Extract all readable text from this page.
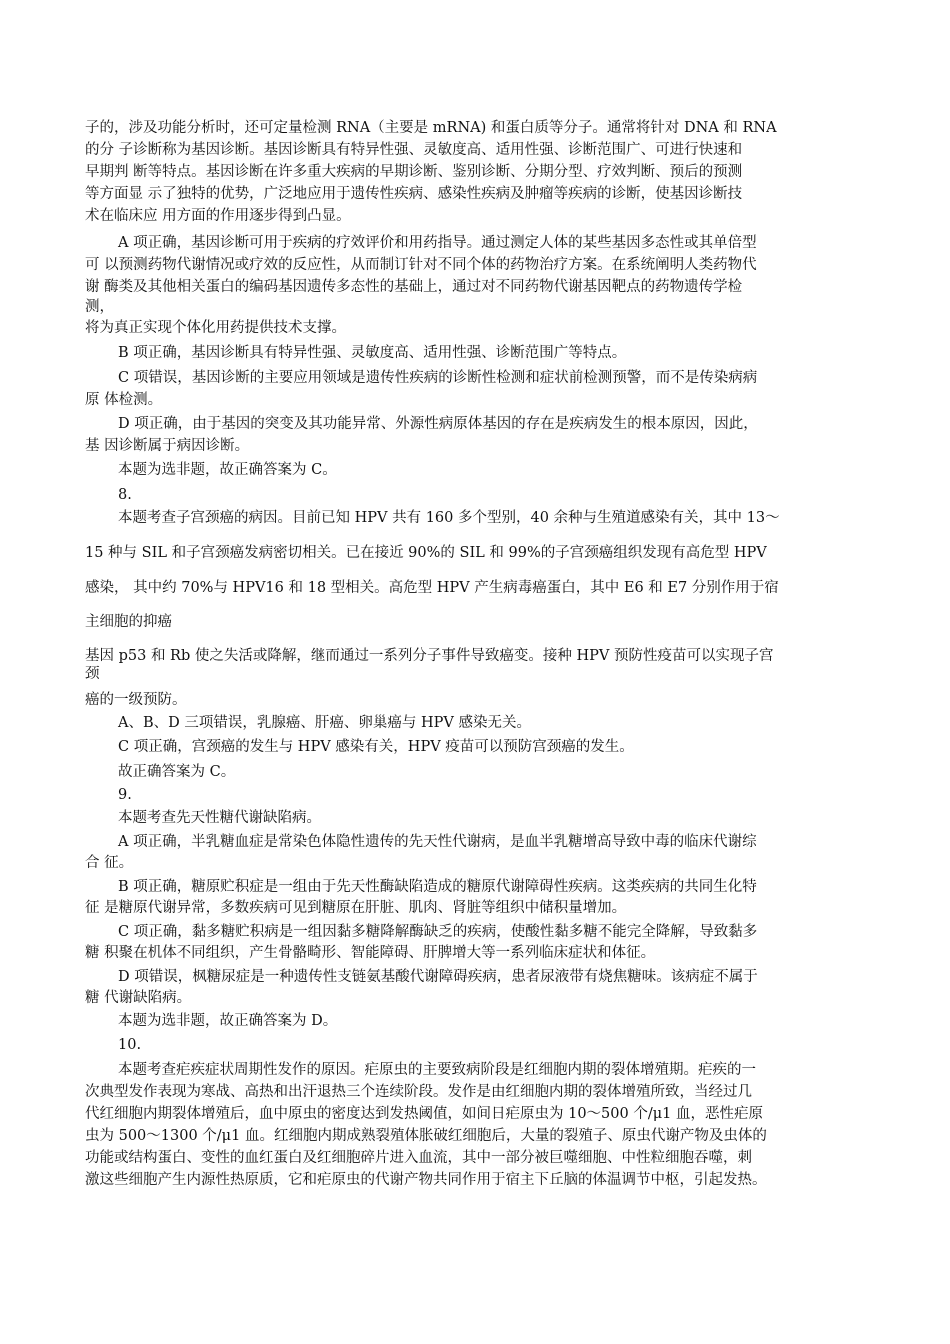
子的，涉及功能分析时，还可定量检测 RNA（主要是 mRNA) 和蛋白质等分子。通常将针对 DNA 和 RNA

的分 子诊断称为基因诊断。基因诊断具有特异性强、灵敏度高、适用性强、诊断范围广、可进行快速和

早期判 断等特点。基因诊断在许多重大疾病的早期诊断、鉴别诊断、分期分型、疗效判断、预后的预测

等方面显 示了独特的优势，广泛地应用于遗传性疾病、感染性疾病及肿瘤等疾病的诊断，使基因诊断技

术在临床应 用方面的作用逐步得到凸显。

A 项正确，基因诊断可用于疾病的疗效评价和用药指导。通过测定人体的某些基因多态性或其单倍型

可 以预测药物代谢情况或疗效的反应性，从而制订针对不同个体的药物治疗方案。在系统阐明人类药物代

谢 酶类及其他相关蛋白的编码基因遗传多态性的基础上，通过对不同药物代谢基因靶点的药物遗传学检

测，

将为真正实现个体化用药提供技术支撑。

B 项正确，基因诊断具有特异性强、灵敏度高、适用性强、诊断范围广等特点。

C 项错误，基因诊断的主要应用领域是遗传性疾病的诊断性检测和症状前检测预警，而不是传染病病

原 体检测。

D 项正确，由于基因的突变及其功能异常、外源性病原体基因的存在是疾病发生的根本原因，因此，

基 因诊断属于病因诊断。

本题为选非题，故正确答案为 C。

8.

本题考查子宫颈癌的病因。目前已知 HPV 共有 160 多个型别，40 余种与生殖道感染有关，其中 13～

15 种与 SIL 和子宫颈癌发病密切相关。已在接近 90%的 SIL 和 99%的子宫颈癌组织发现有高危型 HPV

感染， 其中约 70%与 HPV16 和 18 型相关。高危型 HPV 产生病毒癌蛋白，其中 E6 和 E7 分别作用于宿

主细胞的抑癌

基因 p53 和 Rb 使之失活或降解，继而通过一系列分子事件导致癌变。接种 HPV 预防性疫苗可以实现子宫

颈

癌的一级预防。

A、B、D 三项错误，乳腺癌、肝癌、卵巢癌与 HPV 感染无关。

C 项正确，宫颈癌的发生与 HPV 感染有关，HPV 疫苗可以预防宫颈癌的发生。

故正确答案为 C。

9.

本题考查先天性糖代谢缺陷病。

A 项正确，半乳糖血症是常染色体隐性遗传的先天性代谢病，是血半乳糖增高导致中毒的临床代谢综

合 征。

B 项正确，糖原贮积症是一组由于先天性酶缺陷造成的糖原代谢障碍性疾病。这类疾病的共同生化特

征 是糖原代谢异常，多数疾病可见到糖原在肝脏、肌肉、肾脏等组织中储积量增加。

C 项正确，黏多糖贮积病是一组因黏多糖降解酶缺乏的疾病，使酸性黏多糖不能完全降解，导致黏多

糖 积聚在机体不同组织，产生骨骼畸形、智能障碍、肝脾增大等一系列临床症状和体征。

D 项错误，枫糖尿症是一种遗传性支链氨基酸代谢障碍疾病，患者尿液带有烧焦糖味。该病症不属于

糖 代谢缺陷病。

本题为选非题，故正确答案为 D。

10.

本题考查疟疾症状周期性发作的原因。疟原虫的主要致病阶段是红细胞内期的裂体增殖期。疟疾的一

次典型发作表现为寒战、高热和出汗退热三个连续阶段。发作是由红细胞内期的裂体增殖所致，当经过几

代红细胞内期裂体增殖后，血中原虫的密度达到发热阈值，如间日疟原虫为 10～500 个/μ1 血，恶性疟原

虫为 500～1300 个/μ1 血。红细胞内期成熟裂殖体胀破红细胞后，大量的裂殖子、原虫代谢产物及虫体的

功能或结构蛋白、变性的血红蛋白及红细胞碎片进入血流，其中一部分被巨噬细胞、中性粒细胞吞噬，刺

激这些细胞产生内源性热原质，它和疟原虫的代谢产物共同作用于宿主下丘脑的体温调节中枢，引起发热。
